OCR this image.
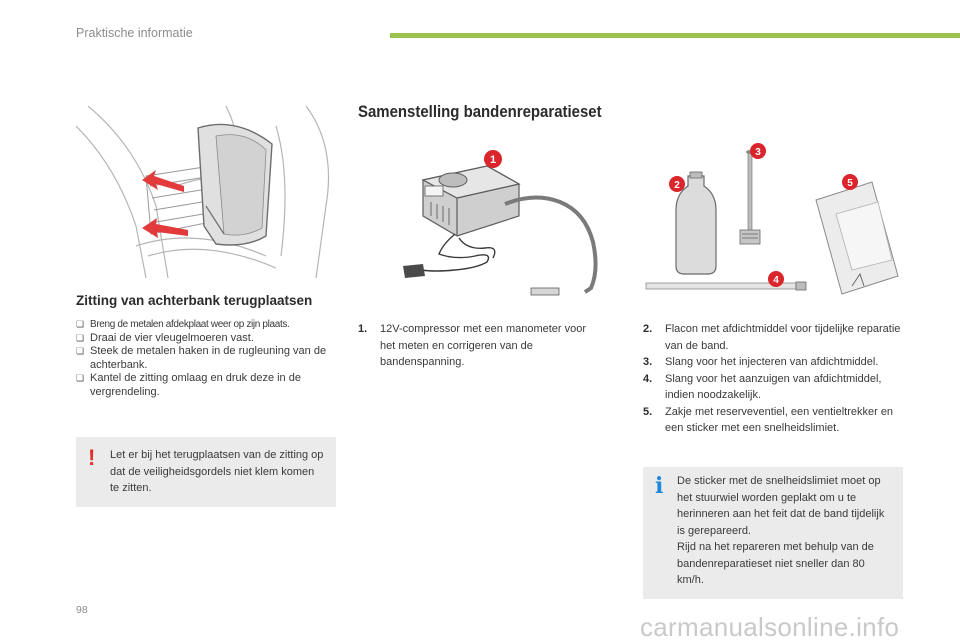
Praktische informatie
Zitting van achterbank terugplaatsen
❏ Breng de metalen afdekplaat weer op zijn plaats.
❏ Draai de vier vleugelmoeren vast.
❏ Steek de metalen haken in de rugleuning van de achterbank.
❏ Kantel de zitting omlaag en druk deze in de vergrendeling.
! Let er bij het terugplaatsen van de zitting op dat de veiligheidsgordels niet klem komen te zitten.
Samenstelling bandenreparatieset
1
2
3
4
5
1.	12V-compressor met een manometer voor het meten en corrigeren van de bandenspanning.
2.	Flacon met afdichtmiddel voor tijdelijke reparatie van de band.
3.	Slang voor het injecteren van afdichtmiddel.
4.	Slang voor het aanzuigen van afdichtmiddel, indien noodzakelijk.
5.	Zakje met reserveventiel, een ventieltrekker en een sticker met een snelheidslimiet.
i De sticker met de snelheidslimiet moet op het stuurwiel worden geplakt om u te herinneren aan het feit dat de band tijdelijk is gerepareerd.
Rijd na het repareren met behulp van de bandenreparatieset niet sneller dan 80 km/h.
98
carmanualsonline.info
